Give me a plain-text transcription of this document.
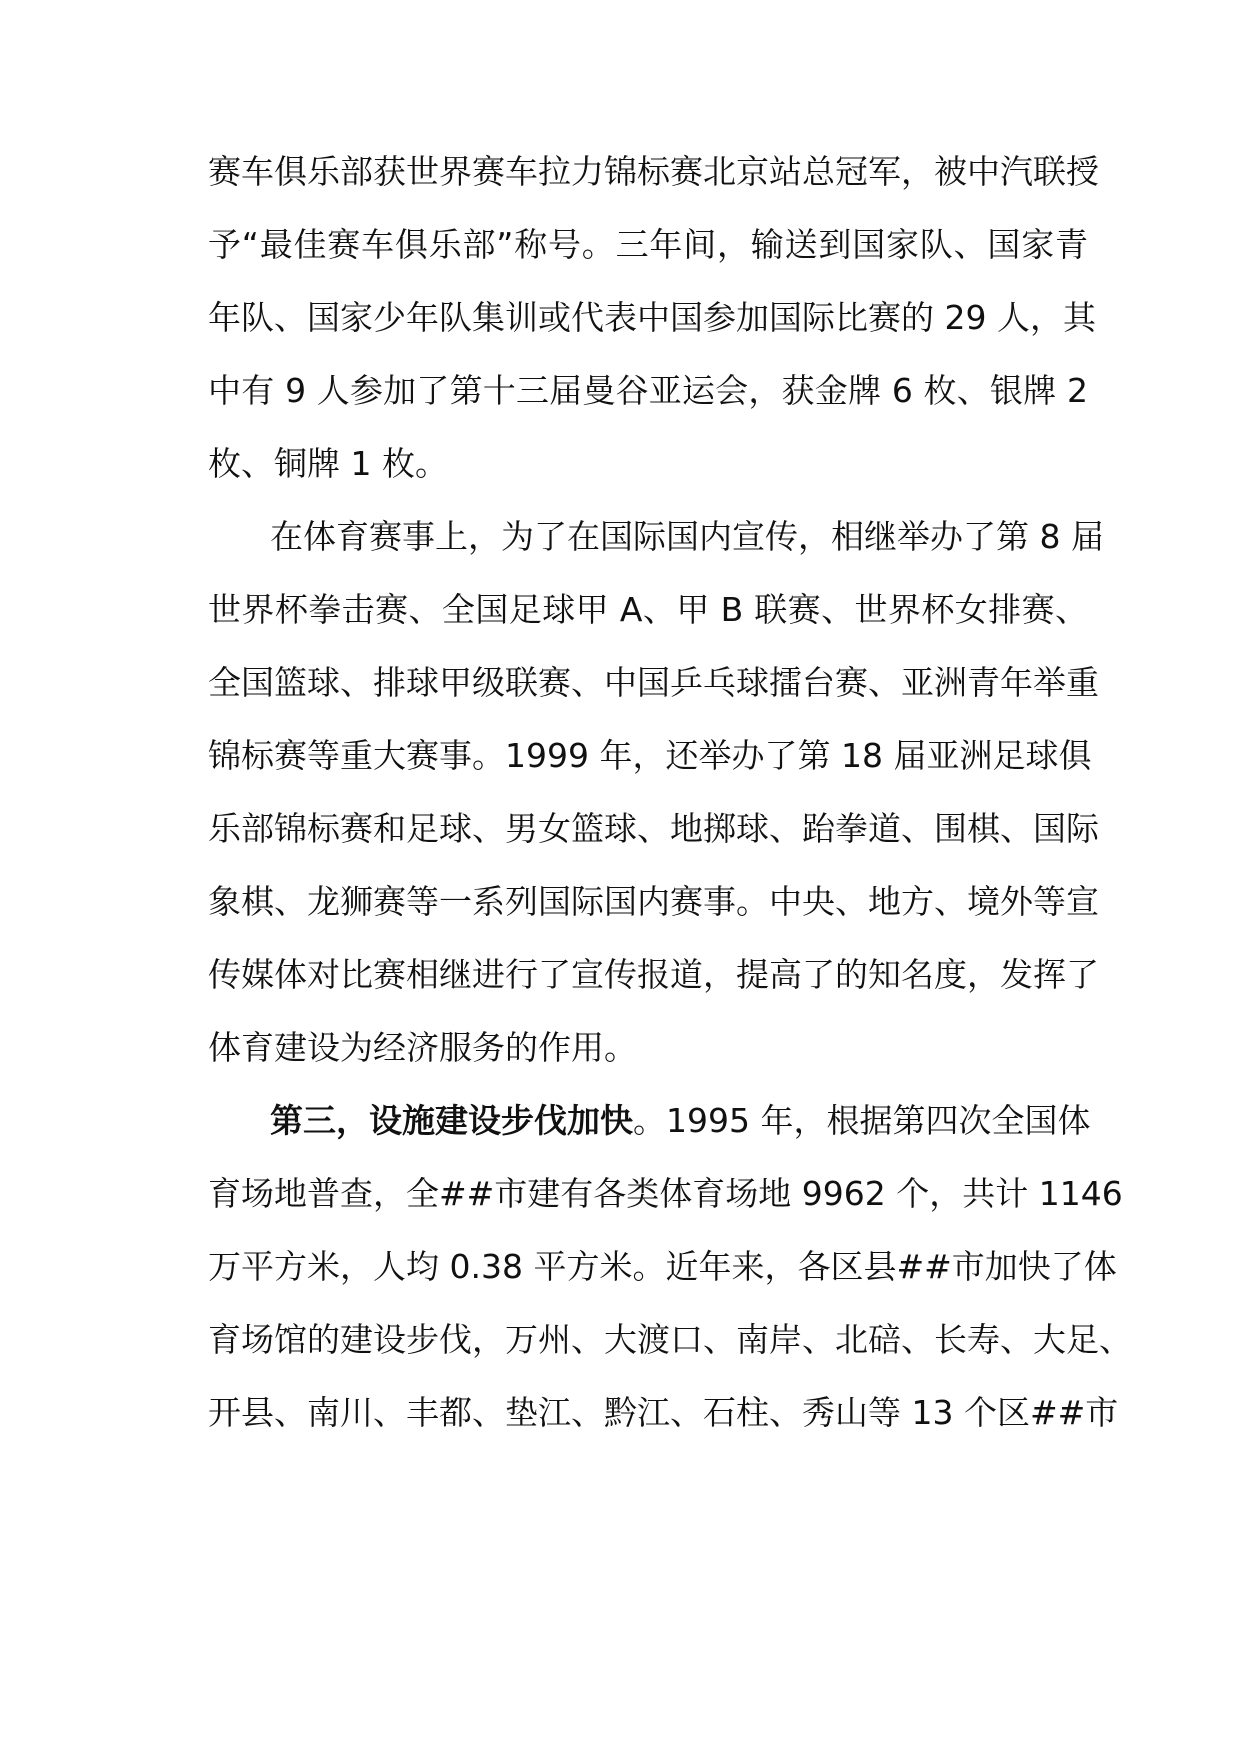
赛车俱乐部获世界赛车拉力锦标赛北京站总冠军，被中汽联授
予“最佳赛车俱乐部”称号。三年间，输送到国家队、国家青
年队、国家少年队集训或代表中国参加国际比赛的 29 人，其
中有 9 人参加了第十三届曼谷亚运会，获金牌 6 枚、银牌 2
枚、铜牌 1 枚。
在体育赛事上，为了在国际国内宣传，相继举办了第 8 届
世界杯拳击赛、全国足球甲 A、甲 B 联赛、世界杯女排赛、
全国篮球、排球甲级联赛、中国乒乓球擂台赛、亚洲青年举重
锦标赛等重大赛事。1999 年，还举办了第 18 届亚洲足球俱
乐部锦标赛和足球、男女篮球、地掷球、跆拳道、围棋、国际
象棋、龙狮赛等一系列国际国内赛事。中央、地方、境外等宣
传媒体对比赛相继进行了宣传报道，提高了的知名度，发挥了
体育建设为经济服务的作用。
第三，设施建设步伐加快。1995 年，根据第四次全国体
育场地普查，全##市建有各类体育场地 9962 个，共计 1146
万平方米，人均 0.38 平方米。近年来，各区县##市加快了体
育场馆的建设步伐，万州、大渡口、南岸、北碚、长寿、大足、
开县、南川、丰都、垫江、黔江、石柱、秀山等 13 个区##市
